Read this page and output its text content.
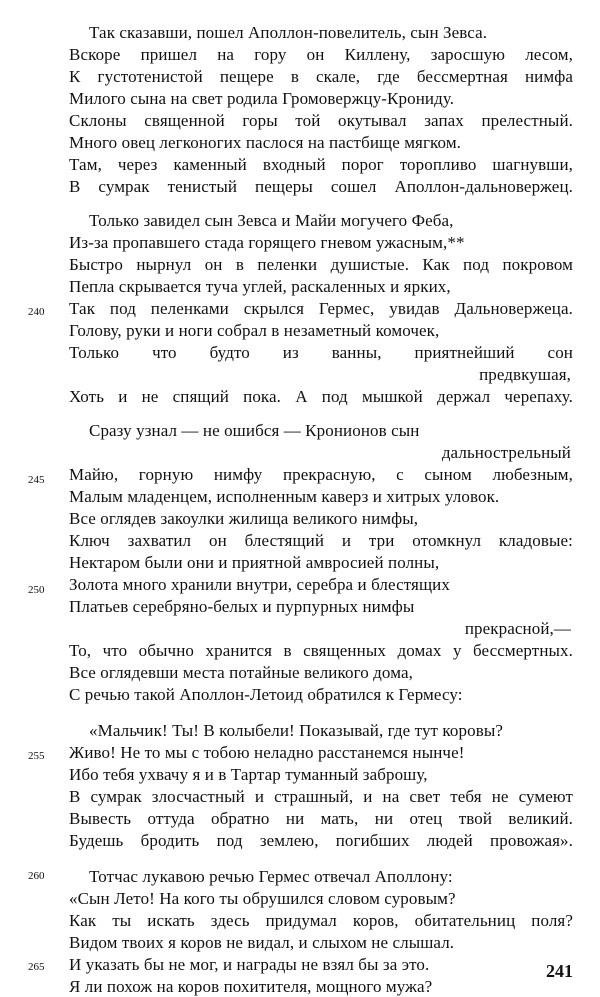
Так сказавши, пошел Аполлон-повелитель, сын Зевса.
Вскоре пришел на гору он Киллену, заросшую лесом,
К густотенистой пещере в скале, где бессмертная нимфа
Милого сына на свет родила Громовержцу-Крониду.
Склоны священной горы той окутывал запах прелестный.
Много овец легконогих паслося на пастбище мягком.
Там, через каменный входный порог торопливо шагнувши,
В сумрак тенистый пещеры сошел Аполлон-дальновержец.
Только завидел сын Зевса и Майи могучего Феба,
Из-за пропавшего стада горящего гневом ужасным,**
Быстро нырнул он в пеленки душистые. Как под покровом
Пепла скрывается туча углей, раскаленных и ярких,
Так под пеленками скрылся Гермес, увидав Дальновержеца.
Голову, руки и ноги собрал в незаметный комочек,
Только что будто из ванны, приятнейший сон
предвкушая,
Хоть и не спящий пока. А под мышкой держал черепаху.
Сразу узнал — не ошибся — Кронионов сын
дальнострельный
Майю, горную нимфу прекрасную, с сыном любезным,
Малым младенцем, исполненным каверз и хитрых уловок.
Все оглядев закоулки жилища великого нимфы,
Ключ захватил он блестящий и три отомкнул кладовые:
Нектаром были они и приятной амвросией полны,
Золота много хранили внутри, серебра и блестящих
Платьев серебряно-белых и пурпурных нимфы
прекрасной,—
То, что обычно хранится в священных домах у бессмертных.
Все оглядевши места потайные великого дома,
С речью такой Аполлон-Летоид обратился к Гермесу:
«Мальчик! Ты! В колыбели! Показывай, где тут коровы?
Живо! Не то мы с тобою неладно расстанемся нынче!
Ибо тебя ухвачу я и в Тартар туманный заброшу,
В сумрак злосчастный и страшный, и на свет тебя не сумеют
Вывесть оттуда обратно ни мать, ни отец твой великий.
Будешь бродить под землею, погибших людей провожая».
Тотчас лукавою речью Гермес отвечал Аполлону:
«Сын Лето! На кого ты обрушился словом суровым?
Как ты искать здесь придумал коров, обитательниц поля?
Видом твоих я коров не видал, и слыхом не слышал.
И указать бы не мог, и награды не взял бы за это.
Я ли похож на коров похитителя, мощного мужа?
240
245
250
255
260
265	241
